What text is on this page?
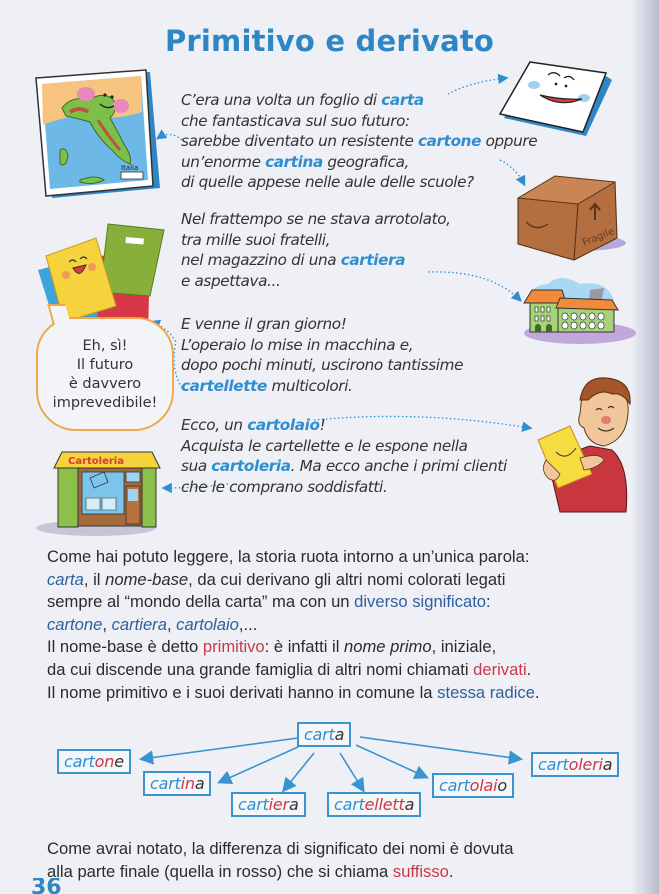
Primitivo e derivato
Italia
Fragile
Cartoleria
C’era una volta un foglio di carta
che fantasticava sul suo futuro:
sarebbe diventato un resistente cartone oppure
un’enorme cartina geografica,
di quelle appese nelle aule delle scuole?
Nel frattempo se ne stava arrotolato,
tra mille suoi fratelli,
nel magazzino di una cartiera
e aspettava...
E venne il gran giorno!
L’operaio lo mise in macchina e,
dopo pochi minuti, uscirono tantissime
cartellette multicolori.
Ecco, un cartolaio!
Acquista le cartellette e le espone nella
sua cartoleria. Ma ecco anche i primi clienti
che le comprano soddisfatti.
Eh, sì!
Il futuro
è davvero
imprevedibile!
Come hai potuto leggere, la storia ruota intorno a un’unica parola:
carta, il nome-base, da cui derivano gli altri nomi colorati legati
sempre al “mondo della carta” ma con un diverso significato:
cartone, cartiera, cartolaio,...
Il nome-base è detto primitivo: è infatti il nome primo, iniziale,
da cui discende una grande famiglia di altri nomi chiamati derivati.
Il nome primitivo e i suoi derivati hanno in comune la stessa radice.
carta
cartone
cartina
cartiera	cartelletta
cartolaio
cartoleria
Come avrai notato, la differenza di significato dei nomi è dovuta
alla parte finale (quella in rosso) che si chiama suffisso.
36
